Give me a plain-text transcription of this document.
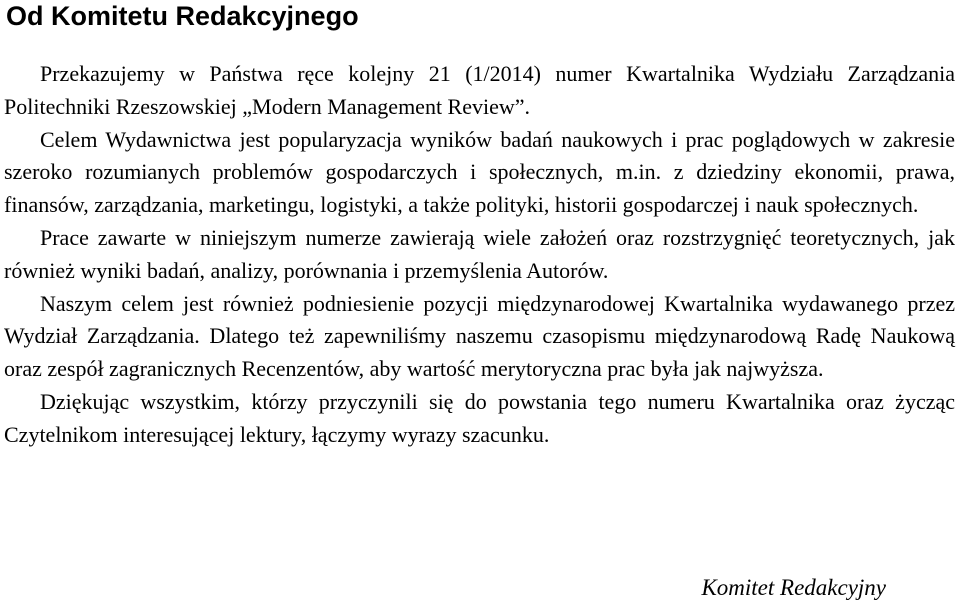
Od Komitetu Redakcyjnego

Przekazujemy w Państwa ręce kolejny 21 (1/2014) numer Kwartalnika Wydziału Zarządzania Politechniki Rzeszowskiej „Modern Management Review”.

Celem Wydawnictwa jest popularyzacja wyników badań naukowych i prac poglądowych w zakresie szeroko rozumianych problemów gospodarczych i społecznych, m.in. z dziedziny ekonomii, prawa, finansów, zarządzania, marketingu, logistyki, a także polityki, historii gospodarczej i nauk społecznych.

Prace zawarte w niniejszym numerze zawierają wiele założeń oraz rozstrzygnięć teoretycznych, jak również wyniki badań, analizy, porównania i przemyślenia Autorów.

Naszym celem jest również podniesienie pozycji międzynarodowej Kwartalnika wydawanego przez Wydział Zarządzania. Dlatego też zapewniliśmy naszemu czasopismu międzynarodową Radę Naukową oraz zespół zagranicznych Recenzentów, aby wartość merytoryczna prac była jak najwyższa.

Dziękując wszystkim, którzy przyczynili się do powstania tego numeru Kwartalnika oraz życząc Czytelnikom interesującej lektury, łączymy wyrazy szacunku.

Komitet Redakcyjny
